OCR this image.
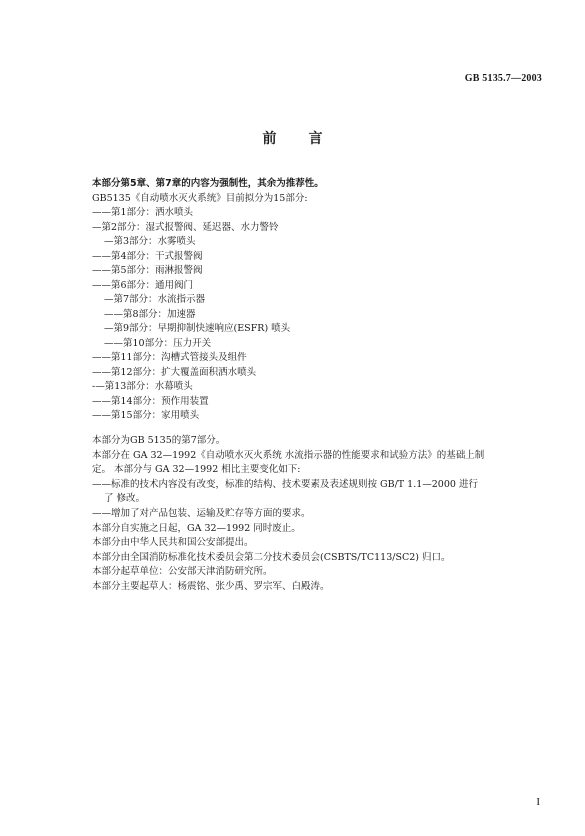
GB 5135.7—2003
前言
本部分第5章、第7章的内容为强制性，其余为推荐性。
GB5135《自动喷水灭火系统》目前拟分为15部分:
——第1部分：洒水喷头
—第2部分：湿式报警阀、延迟器、水力警铃
—第3部分：水雾喷头
——第4部分：干式报警阀
——第5部分：雨淋报警阀
——第6部分：通用阀门
—第7部分：水流指示器
——第8部分：加速器
—第9部分：早期抑制快速响应(ESFR) 喷头
——第10部分：压力开关
——第11部分：沟槽式管接头及组件
——第12部分：扩大覆盖面积洒水喷头
-—第13部分：水幕喷头
——第14部分：预作用装置
——第15部分：家用喷头
本部分为GB 5135的第7部分。
本部分在 GA 32—1992《自动喷水灭火系统 水流指示器的性能要求和试验方法》的基础上制
定。 本部分与 GA 32—1992 相比主要变化如下:
——标准的技术内容没有改变，标准的结构、技术要素及表述规则按 GB/T 1.1—2000 进行
了 修改。
——增加了对产品包装、运输及贮存等方面的要求。
本部分自实施之日起，GA 32—1992 同时废止。
本部分由中华人民共和国公安部提出。
本部分由全国消防标准化技术委员会第二分技术委员会(CSBTS/TC113/SC2) 归口。
本部分起草单位：公安部天津消防研究所。
本部分主要起草人：杨震铭、张少禹、罗宗军、白殿涛。
I
